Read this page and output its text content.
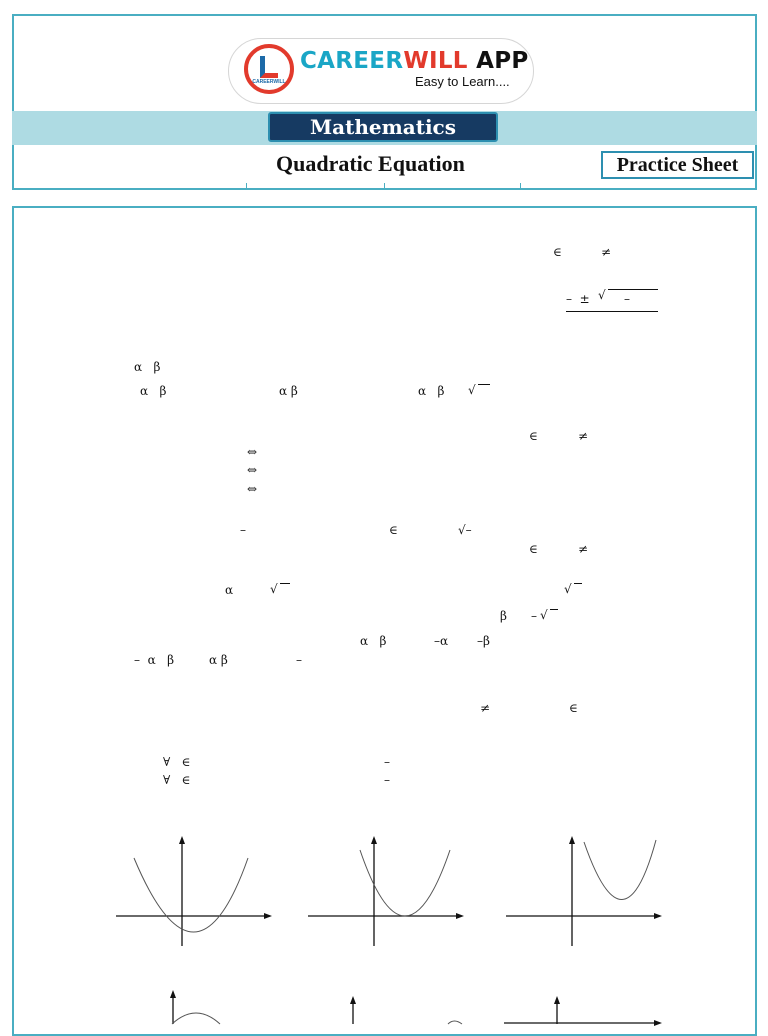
CAREERWILL
CAREERWILL APP
Easy to Learn....
Mathematics
Quadratic Equation	Practice Sheet
∈	≠
–  ± √ –
α   β
α   β	α β	α   β √
∈	≠
⇔
⇔
⇔
–	∈	√–
∈	≠
α	√	√
β – √
α   β	–α –β
–  α   β	α β	–
≠	∈
∀   ∈	–
∀   ∈	–
